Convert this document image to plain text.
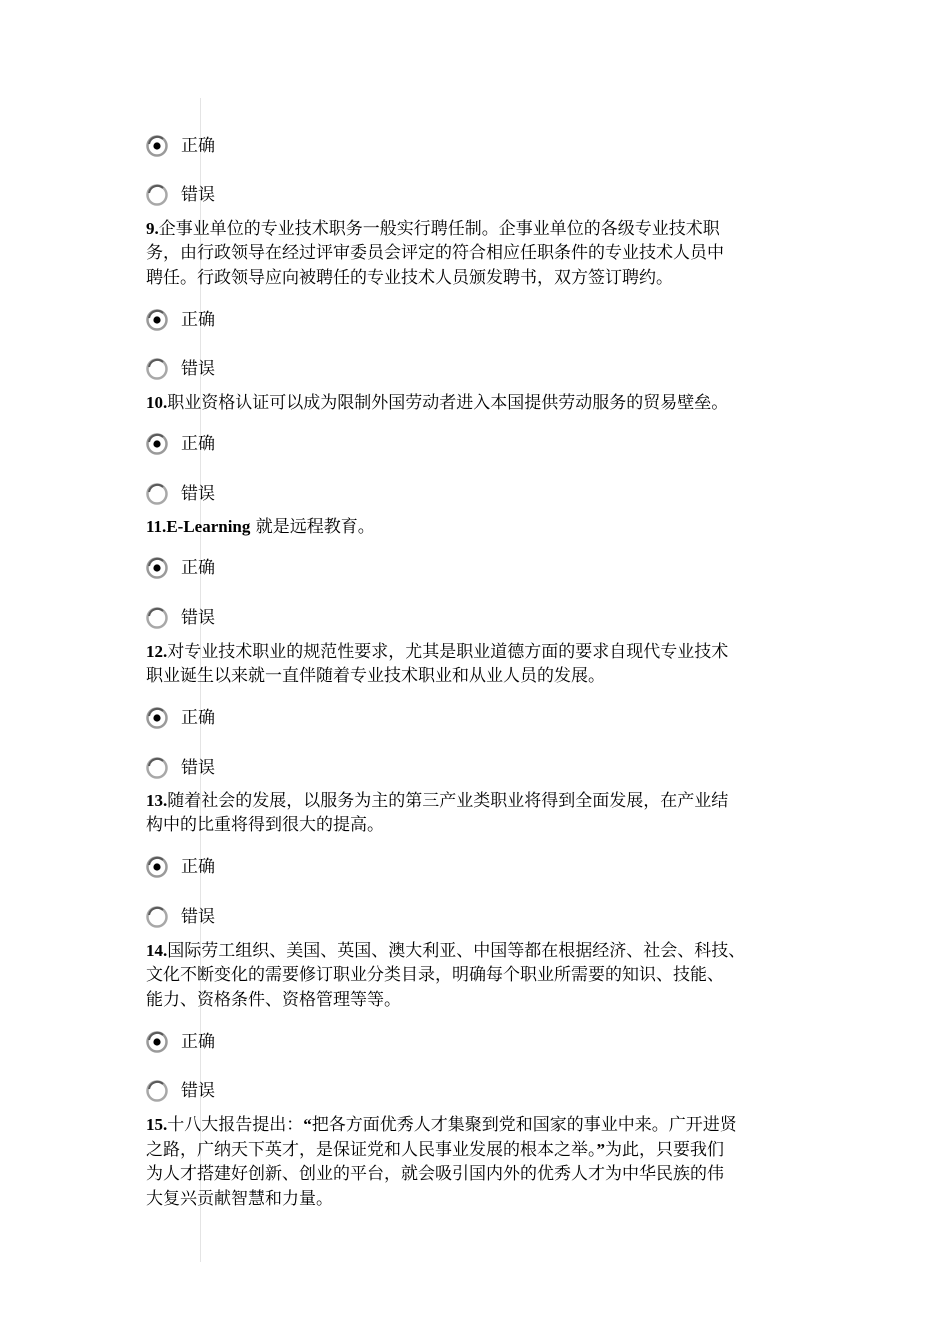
正确
错误
9.企事业单位的专业技术职务一般实行聘任制。企事业单位的各级专业技术职
务，由行政领导在经过评审委员会评定的符合相应任职条件的专业技术人员中
聘任。行政领导应向被聘任的专业技术人员颁发聘书，双方签订聘约。
正确
错误
10.职业资格认证可以成为限制外国劳动者进入本国提供劳动服务的贸易壁垒。
正确
错误
11.E-Learning 就是远程教育。
正确
错误
12.对专业技术职业的规范性要求，尤其是职业道德方面的要求自现代专业技术
职业诞生以来就一直伴随着专业技术职业和从业人员的发展。
正确
错误
13.随着社会的发展，以服务为主的第三产业类职业将得到全面发展，在产业结
构中的比重将得到很大的提高。
正确
错误
14.国际劳工组织、美国、英国、澳大利亚、中国等都在根据经济、社会、科技、
文化不断变化的需要修订职业分类目录，明确每个职业所需要的知识、技能、
能力、资格条件、资格管理等等。
正确
错误
15.十八大报告提出：“把各方面优秀人才集聚到党和国家的事业中来。广开进贤
之路，广纳天下英才，是保证党和人民事业发展的根本之举。”为此，只要我们
为人才搭建好创新、创业的平台，就会吸引国内外的优秀人才为中华民族的伟
大复兴贡献智慧和力量。
